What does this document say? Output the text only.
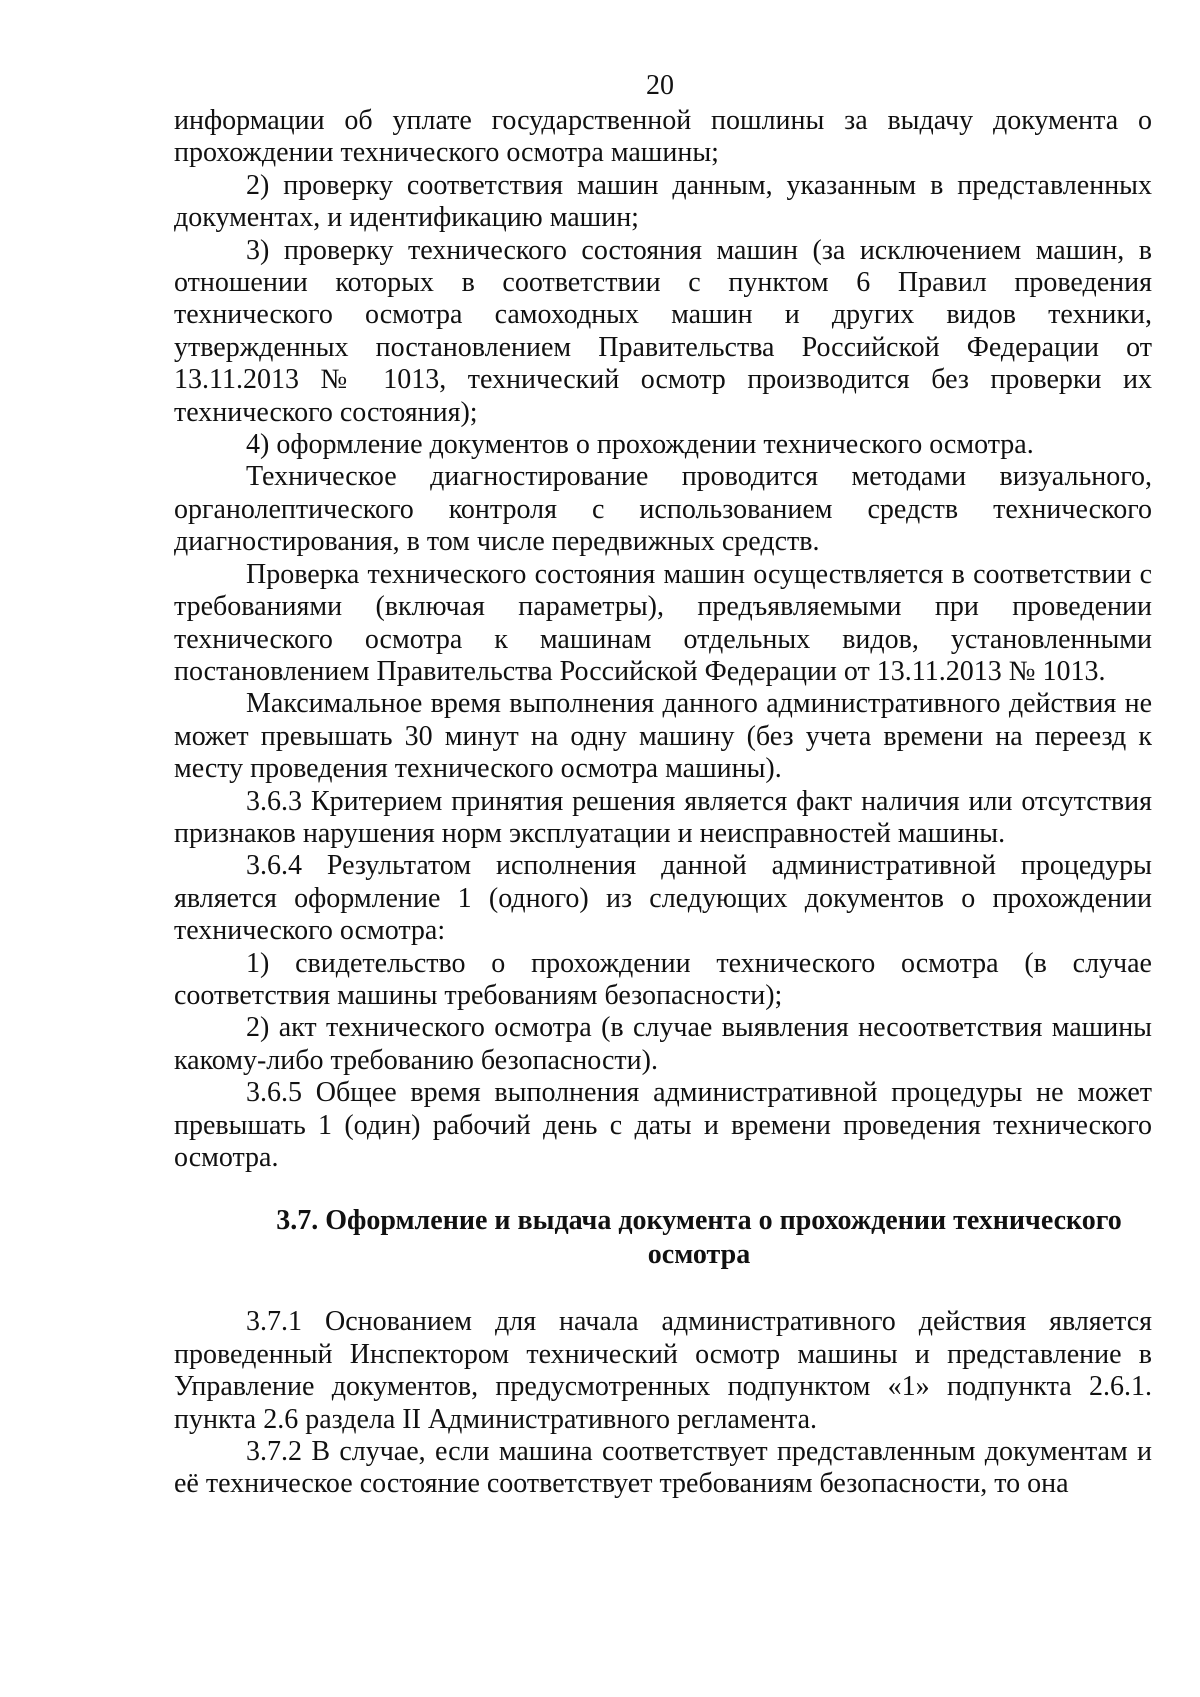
20

информации об уплате государственной пошлины за выдачу документа о прохождении технического осмотра машины;

2) проверку соответствия машин данным, указанным в представленных документах, и идентификацию машин;

3) проверку технического состояния машин (за исключением машин, в отношении которых в соответствии с пунктом 6 Правил проведения технического осмотра самоходных машин и других видов техники, утвержденных постановлением Правительства Российской Федерации от 13.11.2013 № 1013, технический осмотр производится без проверки их технического состояния);

4) оформление документов о прохождении технического осмотра.

Техническое диагностирование проводится методами визуального, органолептического контроля с использованием средств технического диагностирования, в том числе передвижных средств.

Проверка технического состояния машин осуществляется в соответствии с требованиями (включая параметры), предъявляемыми при проведении технического осмотра к машинам отдельных видов, установленными постановлением Правительства Российской Федерации от 13.11.2013 № 1013.

Максимальное время выполнения данного административного действия не может превышать 30 минут на одну машину (без учета времени на переезд к месту проведения технического осмотра машины).

3.6.3 Критерием принятия решения является факт наличия или отсутствия признаков нарушения норм эксплуатации и неисправностей машины.

3.6.4 Результатом исполнения данной административной процедуры является оформление 1 (одного) из следующих документов о прохождении технического осмотра:

1) свидетельство о прохождении технического осмотра (в случае соответствия машины требованиям безопасности);

2) акт технического осмотра (в случае выявления несоответствия машины какому-либо требованию безопасности).

3.6.5 Общее время выполнения административной процедуры не может превышать 1 (один) рабочий день с даты и времени проведения технического осмотра.

3.7. Оформление и выдача документа о прохождении технического осмотра

3.7.1 Основанием для начала административного действия является проведенный Инспектором технический осмотр машины и представление в Управление документов, предусмотренных подпунктом «1» подпункта 2.6.1. пункта 2.6 раздела II Административного регламента.

3.7.2 В случае, если машина соответствует представленным документам и её техническое состояние соответствует требованиям безопасности, то она
